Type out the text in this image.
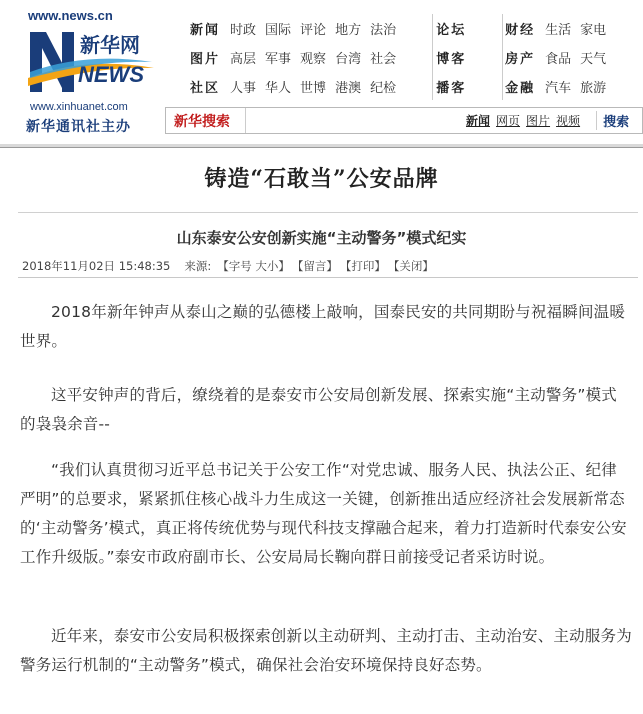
www.news.cn
新华网
NEWS
www.xinhuanet.com
新华通讯社主办
新闻 时政 国际 评论 地方 法治	论坛	财经 生活 家电
图片 高层 军事 观察 台湾 社会	博客	房产 食品 天气
社区 人事 华人 世博 港澳 纪检	播客	金融 汽车 旅游
新华搜索	新闻 网页 图片 视频	搜索
铸造“石敢当”公安品牌
山东泰安公安创新实施“主动警务”模式纪实
2018年11月02日 15:48:35 来源: 【字号 大小】 【留言】 【打印】 【关闭】

2018年新年钟声从泰山之巅的弘德楼上敲响，国泰民安的共同期盼与祝福瞬间温暖世界。

这平安钟声的背后，缭绕着的是泰安市公安局创新发展、探索实施“主动警务”模式的袅袅余音--

“我们认真贯彻习近平总书记关于公安工作“对党忠诚、服务人民、执法公正、纪律严明”的总要求，紧紧抓住核心战斗力生成这一关键，创新推出适应经济社会发展新常态的‘主动警务’模式，真正将传统优势与现代科技支撑融合起来，着力打造新时代泰安公安工作升级版。”泰安市政府副市长、公安局局长鞠向群日前接受记者采访时说。

近年来，泰安市公安局积极探索创新以主动研判、主动打击、主动治安、主动服务为警务运行机制的“主动警务”模式，确保社会治安环境保持良好态势。
